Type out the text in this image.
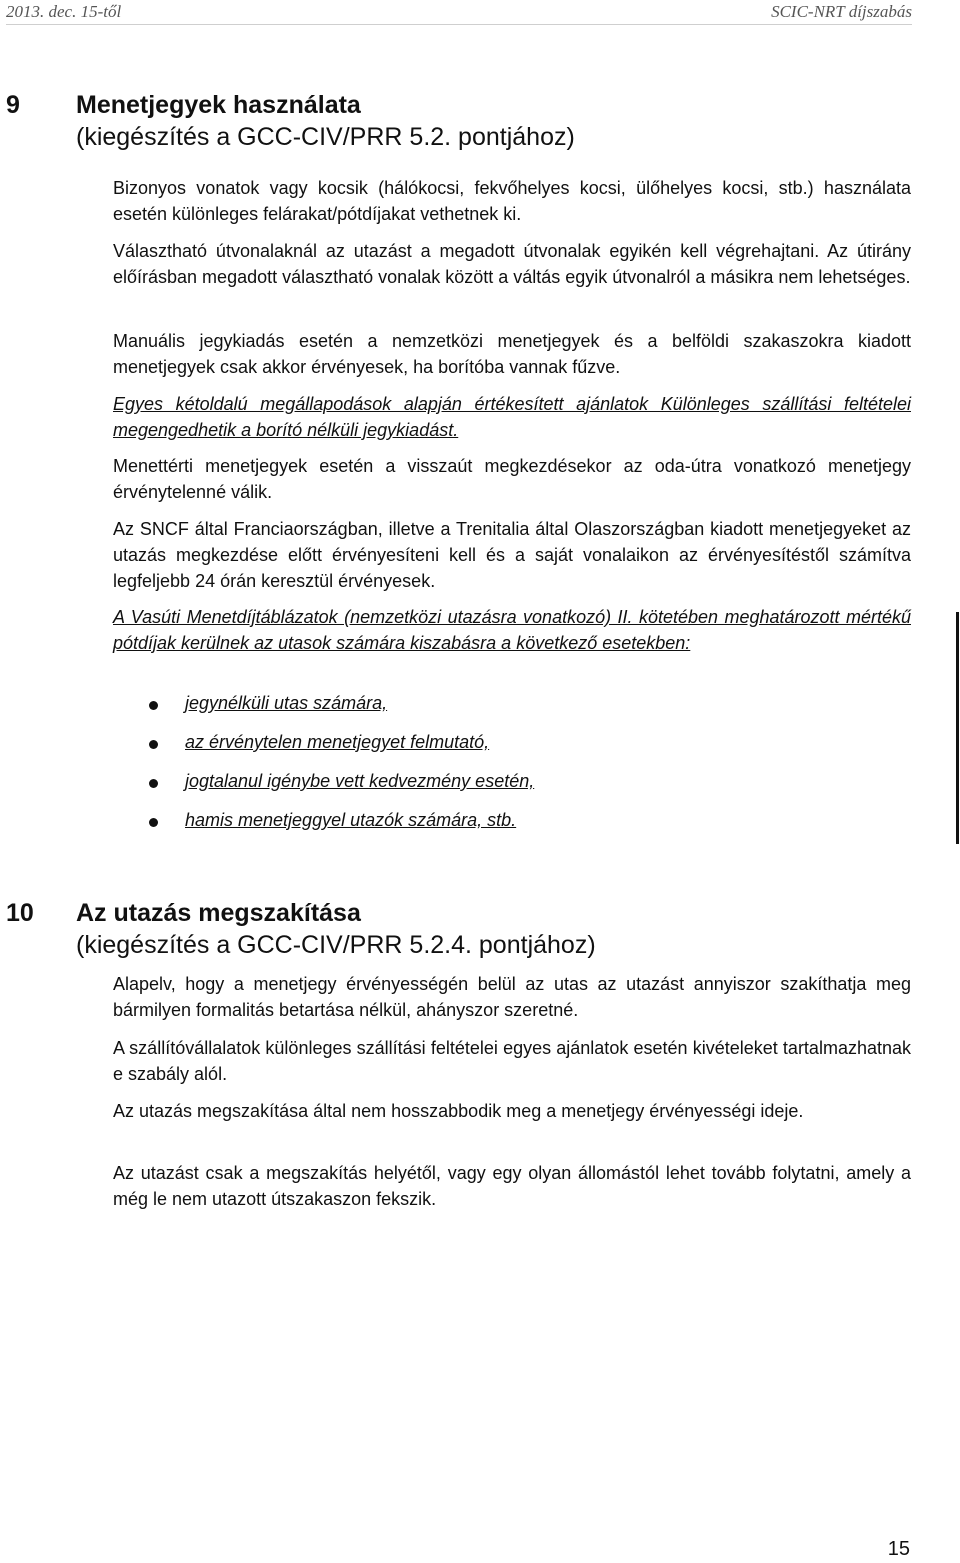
2013. dec. 15-től	SCIC-NRT díjszabás
9 Menetjegyek használata
(kiegészítés a GCC-CIV/PRR 5.2. pontjához)

Bizonyos vonatok vagy kocsik (hálókocsi, fekvőhelyes kocsi, ülőhelyes kocsi, stb.) használata esetén különleges felárakat/pótdíjakat vethetnek ki.

Választható útvonalaknál az utazást a megadott útvonalak egyikén kell végrehajtani. Az útirány előírásban megadott választható vonalak között a váltás egyik útvonalról a másikra nem lehetséges.

Manuális jegykiadás esetén a nemzetközi menetjegyek és a belföldi szakaszokra kiadott menetjegyek csak akkor érvényesek, ha borítóba vannak fűzve.

Egyes kétoldalú megállapodások alapján értékesített ajánlatok Különleges szállítási feltételei megengedhetik a borító nélküli jegykiadást.

Menettérti menetjegyek esetén a visszaút megkezdésekor az oda-útra vonatkozó menetjegy érvénytelenné válik.

Az SNCF által Franciaországban, illetve a Trenitalia által Olaszországban kiadott menetjegyeket az utazás megkezdése előtt érvényesíteni kell és a saját vonalaikon az érvényesítéstől számítva legfeljebb 24 órán keresztül érvényesek.

A Vasúti Menetdíjtáblázatok (nemzetközi utazásra vonatkozó) II. kötetében meghatározott mértékű pótdíjak kerülnek az utasok számára kiszabásra a következő esetekben:

jegynélküli utas számára,
az érvénytelen menetjegyet felmutató,
jogtalanul igénybe vett kedvezmény esetén,
hamis menetjeggyel utazók számára, stb.
10 Az utazás megszakítása
(kiegészítés a GCC-CIV/PRR 5.2.4. pontjához)

Alapelv, hogy a menetjegy érvényességén belül az utas az utazást annyiszor szakíthatja meg bármilyen formalitás betartása nélkül, ahányszor szeretné.

A szállítóvállalatok különleges szállítási feltételei egyes ajánlatok esetén kivételeket tartalmazhatnak e szabály alól.

Az utazás megszakítása által nem hosszabbodik meg a menetjegy érvényességi ideje.

Az utazást csak a megszakítás helyétől, vagy egy olyan állomástól lehet tovább folytatni, amely a még le nem utazott útszakaszon fekszik.

15
